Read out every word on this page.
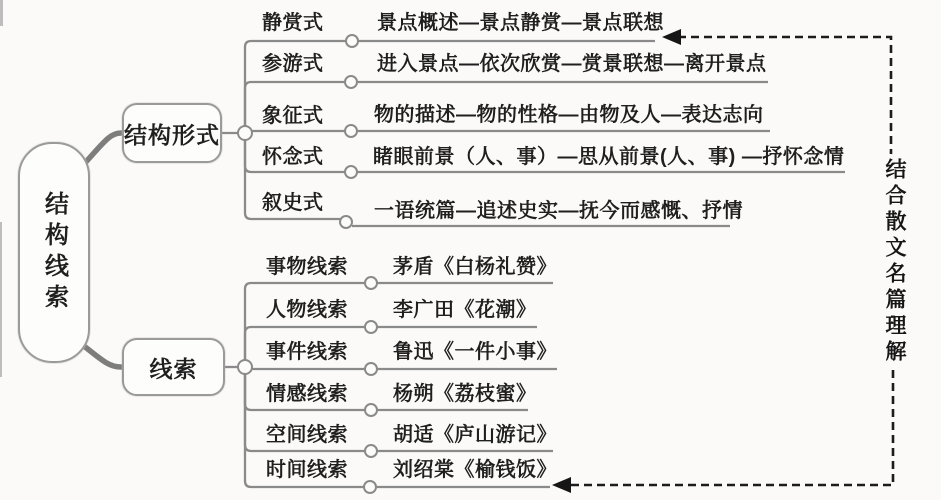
结构线索
结构形式
线索
静赏式	景点概述—景点静赏—景点联想
参游式	进入景点—依次欣赏—赏景联想—离开景点
象征式	物的描述—物的性格—由物及人—表达志向
怀念式 睹眼前景（人、事）—思从前景(人、事) —抒怀念情
叙史式	一语统篇—追述史实—抚今而感慨、抒情
事物线索 茅盾《白杨礼赞》
人物线索 李广田《花潮》
事件线索 鲁迅《一件小事》
情感线索 杨朔《荔枝蜜》
空间线索 胡适《庐山游记》
时间线索 刘绍棠《榆钱饭》
结合散文名篇理解
